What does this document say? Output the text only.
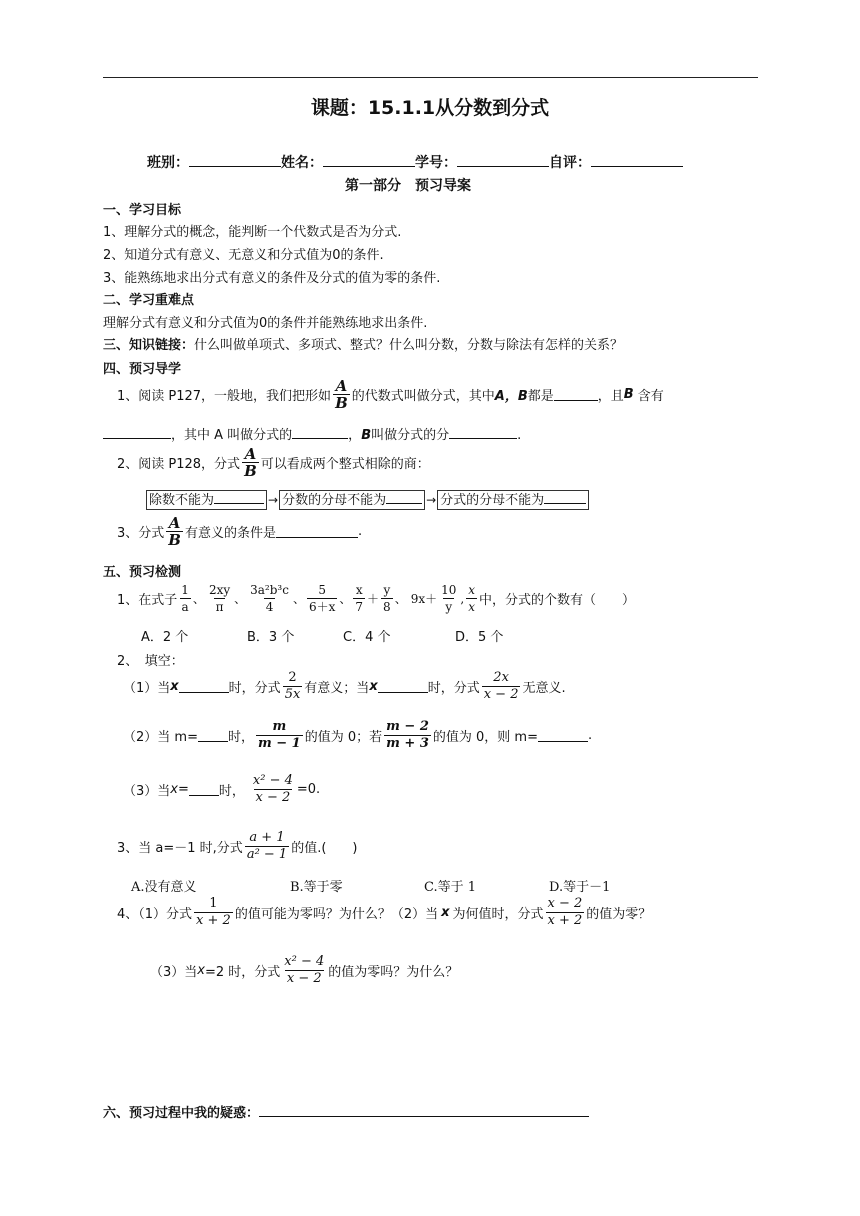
课题：15.1.1从分数到分式
班别：	姓名：	学号：	自评：
第一部分　预习导案
一、学习目标
1、理解分式的概念，能判断一个代数式是否为分式.
2、知道分式有意义、无意义和分式值为0的条件.
3、能熟练地求出分式有意义的条件及分式的值为零的条件.
二、学习重难点
理解分式有意义和分式值为0的条件并能熟练地求出条件.
三、知识链接：什么叫做单项式、多项式、整式？什么叫分数，分数与除法有怎样的关系？
四、预习导学
1、阅读 P127，一般地，我们把形如 $\frac{A}{B}$ 的代数式叫做分式，其中 A，B 都是	，且 B 含有
，其中 A 叫做分式的	，B叫做分式的分	.
2、阅读 P128，分式 $\frac{A}{B}$ 可以看成两个整式相除的商：
除数不能为	→ 分数的分母不能为	→ 分式的分母不能为
3、分式 $\frac{A}{B}$ 有意义的条件是	.
五、预习检测
1、在式子 $\frac{1}{a}$ 、 $\frac{2xy}{\pi}$ 、 $\frac{\text{3a²b³c}}{4}$ 、 $\frac{5}{6+x}$ 、 $\frac{x}{7} + \frac{y}{8}$ 、 $9x+ \frac{10}{y}$ , $\frac{x}{x}$ 中，分式的个数有（　　）
A．2 个	B．3 个	C．4 个	D．5 个
2、　填空：
（1）当 x	时，分式 $\frac{2}{5x}$ 有意义；当 x	时，分式 $\frac{2x}{x - 2}$ 无意义.
（2）当 m= 时， $\frac{m}{m - 1}$ 的值为 0；若 $\frac{m - 2}{m + 3}$ 的值为 0，则 m=	.
（3）当 x= 时， $\frac{\text{x² − 4}}{x - 2} =0$.
3、当 a=－1 时,分式 $\frac{a + 1}{\text{a² − 1}}$ 的值.(　　)
A.没有意义	B.等于零	C.等于 1	D.等于－1
4、（1）分式 $\frac{1}{x + 2}$ 的值可能为零吗？为什么？（2）当 x 为何值时，分式 $\frac{x - 2}{x + 2}$ 的值为零？
（3）当 x =2 时，分式 $\frac{\text{x² − 4}}{x - 2}$ 的值为零吗？为什么？
六、预习过程中我的疑惑：
